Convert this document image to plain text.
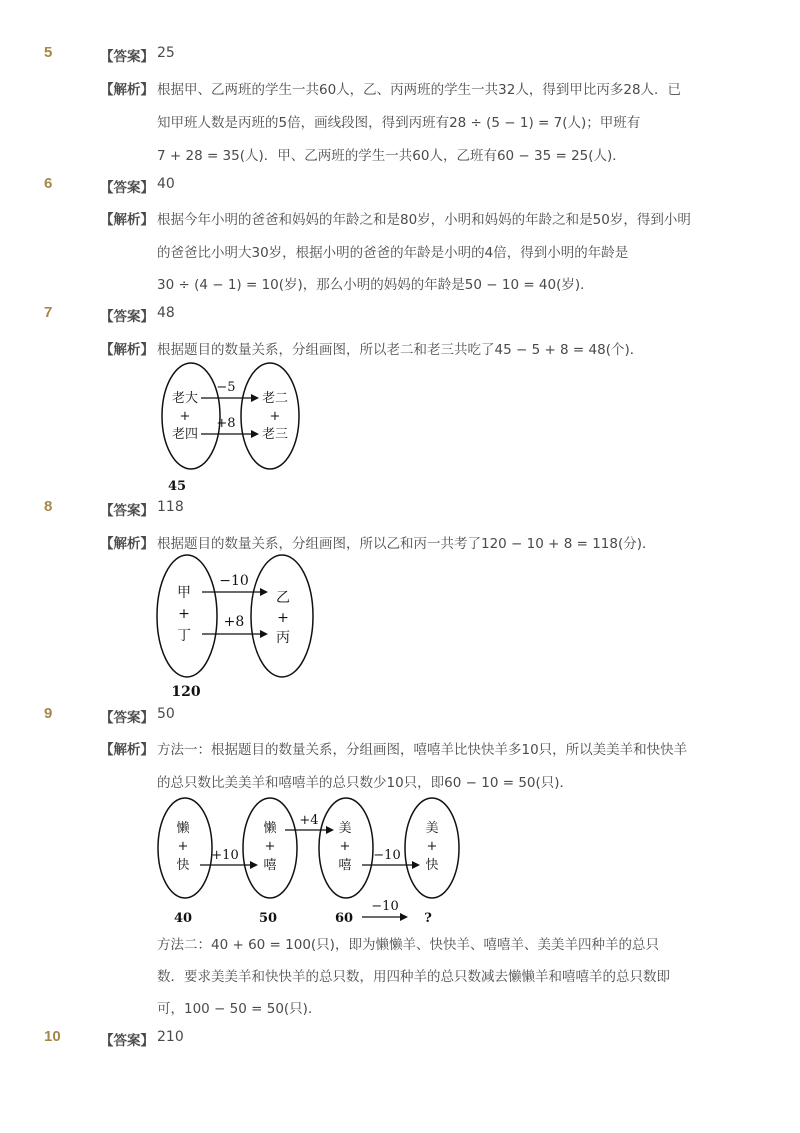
5	【答案】 25
【解析】 根据甲、乙两班的学生一共60人，乙、丙两班的学生一共32人，得到甲比丙多28人．已
知甲班人数是丙班的5倍，画线段图，得到丙班有28 ÷ (5 − 1) = 7(人)；甲班有
7 + 28 = 35(人)．甲、乙两班的学生一共60人，乙班有60 − 35 = 25(人)．
6	【答案】 40
【解析】 根据今年小明的爸爸和妈妈的年龄之和是80岁，小明和妈妈的年龄之和是50岁，得到小明
的爸爸比小明大30岁，根据小明的爸爸的年龄是小明的4倍，得到小明的年龄是
30 ÷ (4 − 1) = 10(岁)，那么小明的妈妈的年龄是50 − 10 = 40(岁)．
7	【答案】 48
【解析】 根据题目的数量关系，分组画图，所以老二和老三共吃了45 − 5 + 8 = 48(个)．
老大
+
老四
老二
+
老三
−5
+8
45
8	【答案】 118
【解析】 根据题目的数量关系，分组画图，所以乙和丙一共考了120 − 10 + 8 = 118(分)．
甲
+
丁
乙
+
丙
−10
+8
120
9	【答案】 50
【解析】 方法一：根据题目的数量关系，分组画图，嘻嘻羊比快快羊多10只，所以美美羊和快快羊
的总只数比美美羊和嘻嘻羊的总只数少10只，即60 − 10 = 50(只)．
懒
+
快
懒
+
嘻
美
+
嘻
美
+
快
+10
+4
−10
−10
40	50	60	?
方法二：40 + 60 = 100(只)，即为懒懒羊、快快羊、嘻嘻羊、美美羊四种羊的总只
数．要求美美羊和快快羊的总只数，用四种羊的总只数减去懒懒羊和嘻嘻羊的总只数即
可，100 − 50 = 50(只)．
10	【答案】 210
